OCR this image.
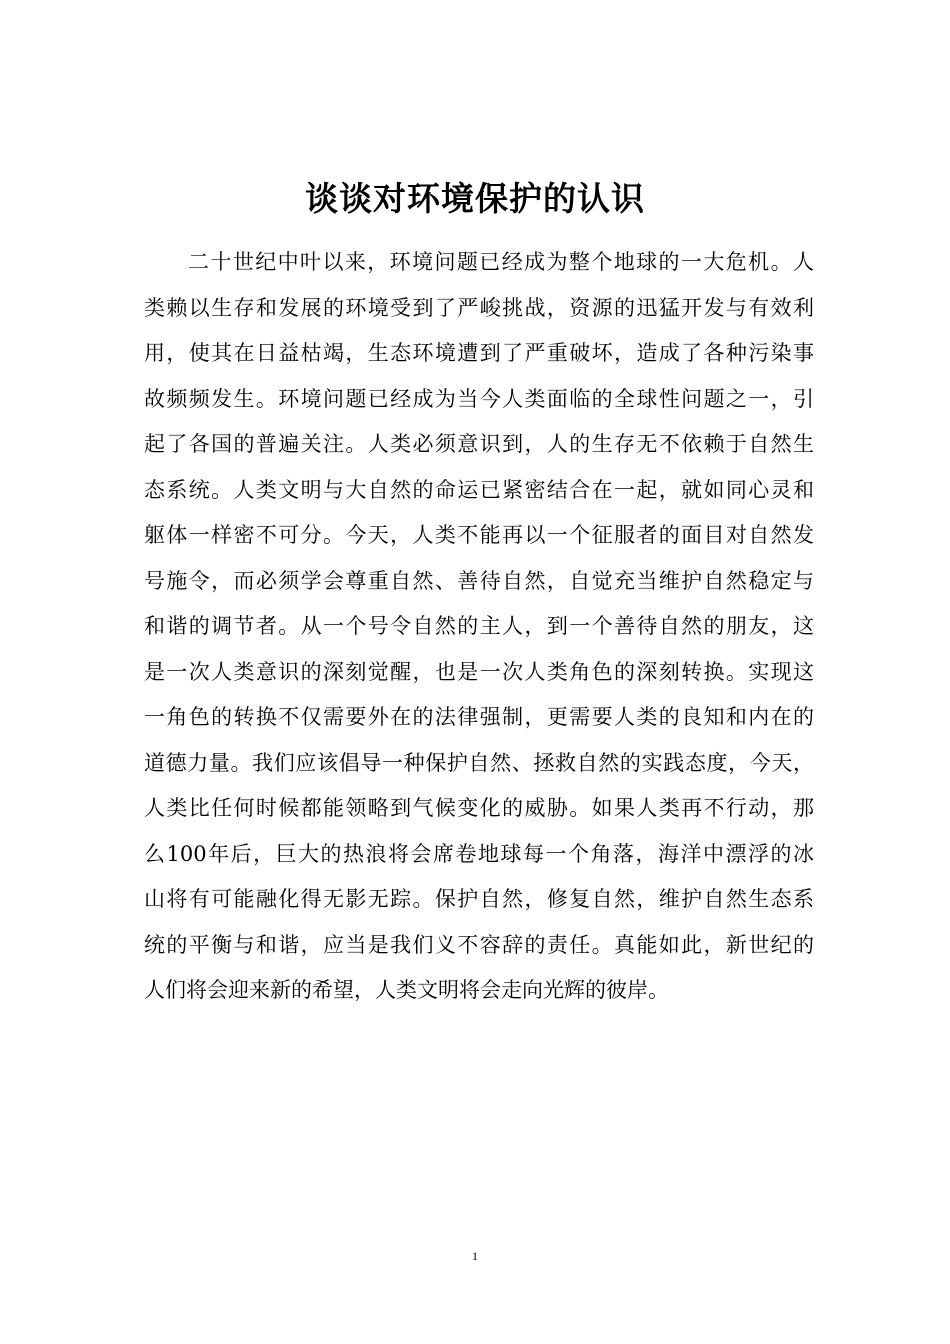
谈谈对环境保护的认识
二十世纪中叶以来，环境问题已经成为整个地球的一大危机。人
类赖以生存和发展的环境受到了严峻挑战，资源的迅猛开发与有效利
用，使其在日益枯竭，生态环境遭到了严重破坏，造成了各种污染事
故频频发生。环境问题已经成为当今人类面临的全球性问题之一，引
起了各国的普遍关注。人类必须意识到，人的生存无不依赖于自然生
态系统。人类文明与大自然的命运已紧密结合在一起，就如同心灵和
躯体一样密不可分。今天，人类不能再以一个征服者的面目对自然发
号施令，而必须学会尊重自然、善待自然，自觉充当维护自然稳定与
和谐的调节者。从一个号令自然的主人，到一个善待自然的朋友，这
是一次人类意识的深刻觉醒，也是一次人类角色的深刻转换。实现这
一角色的转换不仅需要外在的法律强制，更需要人类的良知和内在的
道德力量。我们应该倡导一种保护自然、拯救自然的实践态度，今天，
人类比任何时候都能领略到气候变化的威胁。如果人类再不行动，那
么100年后，巨大的热浪将会席卷地球每一个角落，海洋中漂浮的冰
山将有可能融化得无影无踪。保护自然，修复自然，维护自然生态系
统的平衡与和谐，应当是我们义不容辞的责任。真能如此，新世纪的
人们将会迎来新的希望，人类文明将会走向光辉的彼岸。
1
